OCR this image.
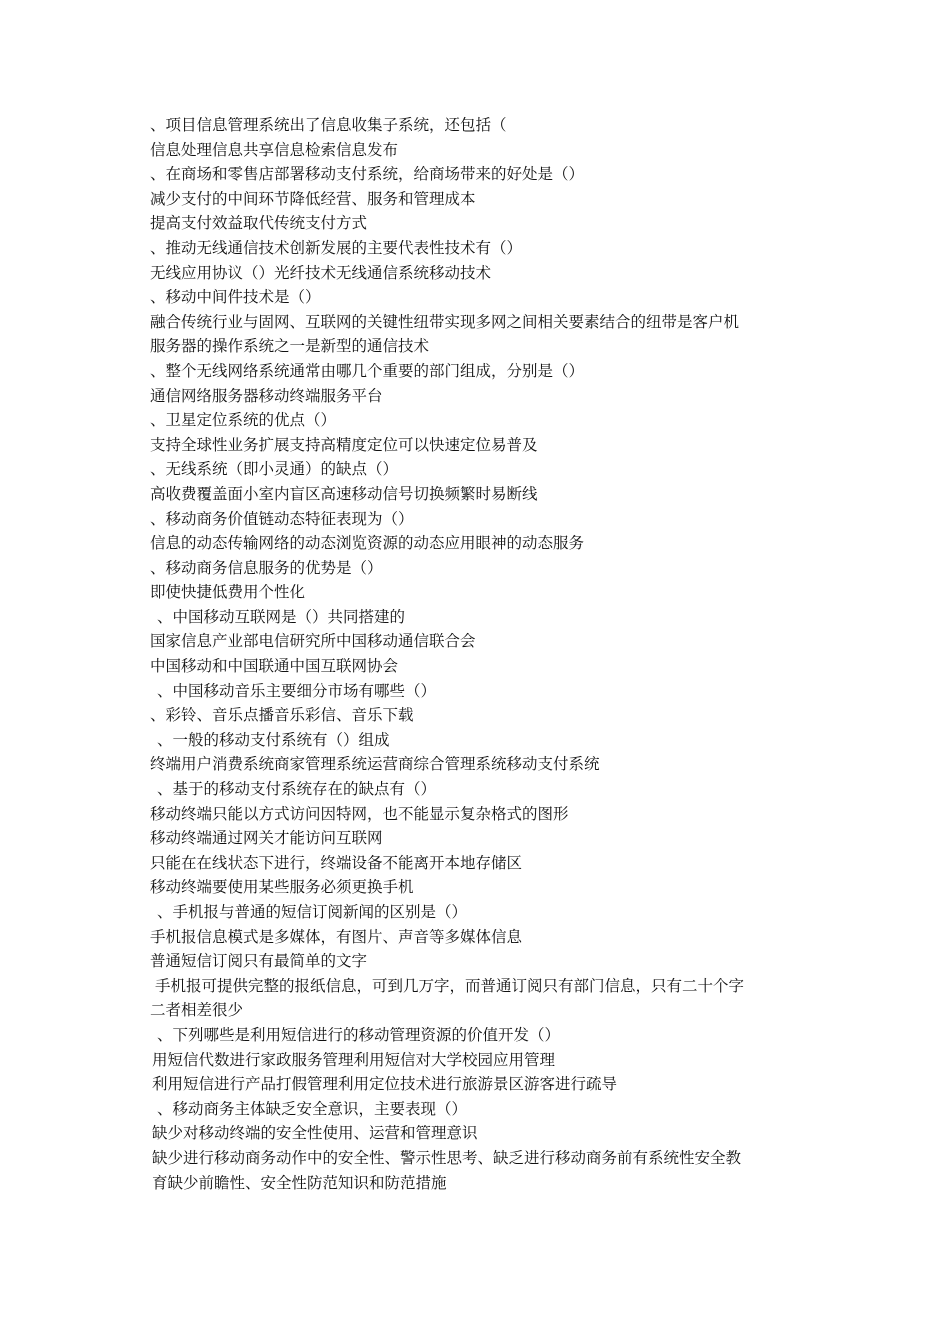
、项目信息管理系统出了信息收集子系统，还包括（
信息处理信息共享信息检索信息发布
、在商场和零售店部署移动支付系统，给商场带来的好处是（）
减少支付的中间环节降低经营、服务和管理成本
提高支付效益取代传统支付方式
、推动无线通信技术创新发展的主要代表性技术有（）
无线应用协议（）光纤技术无线通信系统移动技术
、移动中间件技术是（）
融合传统行业与固网、互联网的关键性纽带实现多网之间相关要素结合的纽带是客户机
服务器的操作系统之一是新型的通信技术
、整个无线网络系统通常由哪几个重要的部门组成，分别是（）
通信网络服务器移动终端服务平台
、卫星定位系统的优点（）
支持全球性业务扩展支持高精度定位可以快速定位易普及
、无线系统（即小灵通）的缺点（）
高收费覆盖面小室内盲区高速移动信号切换频繁时易断线
、移动商务价值链动态特征表现为（）
信息的动态传输网络的动态浏览资源的动态应用眼神的动态服务
、移动商务信息服务的优势是（）
即使快捷低费用个性化
、中国移动互联网是（）共同搭建的
国家信息产业部电信研究所中国移动通信联合会
中国移动和中国联通中国互联网协会
、中国移动音乐主要细分市场有哪些（）
、彩铃、音乐点播音乐彩信、音乐下载
、一般的移动支付系统有（）组成
终端用户消费系统商家管理系统运营商综合管理系统移动支付系统
、基于的移动支付系统存在的缺点有（）
移动终端只能以方式访问因特网，也不能显示复杂格式的图形
移动终端通过网关才能访问互联网
只能在在线状态下进行，终端设备不能离开本地存储区
移动终端要使用某些服务必须更换手机
、手机报与普通的短信订阅新闻的区别是（）
手机报信息模式是多媒体，有图片、声音等多媒体信息
普通短信订阅只有最简单的文字
手机报可提供完整的报纸信息，可到几万字，而普通订阅只有部门信息，只有二十个字
二者相差很少
、下列哪些是利用短信进行的移动管理资源的价值开发（）
用短信代数进行家政服务管理利用短信对大学校园应用管理
利用短信进行产品打假管理利用定位技术进行旅游景区游客进行疏导
、移动商务主体缺乏安全意识，主要表现（）
缺少对移动终端的安全性使用、运营和管理意识
缺少进行移动商务动作中的安全性、警示性思考、缺乏进行移动商务前有系统性安全教
育缺少前瞻性、安全性防范知识和防范措施
